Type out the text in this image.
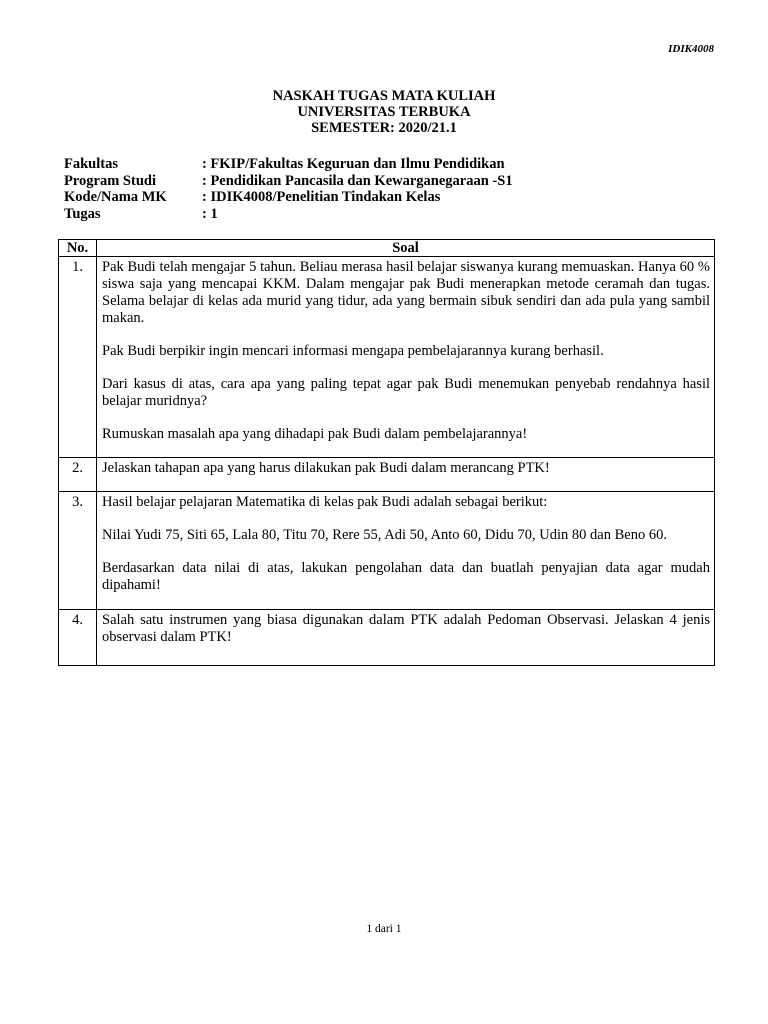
IDIK4008
NASKAH TUGAS MATA KULIAH
UNIVERSITAS TERBUKA
SEMESTER: 2020/21.1
Fakultas	: FKIP/Fakultas Keguruan dan Ilmu Pendidikan
Program Studi	: Pendidikan Pancasila dan Kewarganegaraan -S1
Kode/Nama MK	: IDIK4008/Penelitian Tindakan Kelas
Tugas	: 1
No.	Soal
1.	Pak Budi telah mengajar 5 tahun. Beliau merasa hasil belajar siswanya kurang memuaskan. Hanya 60 % siswa saja yang mencapai KKM. Dalam mengajar pak Budi menerapkan metode ceramah dan tugas. Selama belajar di kelas ada murid yang tidur, ada yang bermain sibuk sendiri dan ada pula yang sambil makan.

Pak Budi berpikir ingin mencari informasi mengapa pembelajarannya kurang berhasil.

Dari kasus di atas, cara apa yang paling tepat agar pak Budi menemukan penyebab rendahnya hasil belajar muridnya?

Rumuskan masalah apa yang dihadapi pak Budi dalam pembelajarannya!

2.	Jelaskan tahapan apa yang harus dilakukan pak Budi dalam merancang PTK!

3.	Hasil belajar pelajaran Matematika di kelas pak Budi adalah sebagai berikut:

Nilai Yudi 75, Siti 65, Lala 80, Titu 70, Rere 55, Adi 50, Anto 60, Didu 70, Udin 80 dan Beno 60.

Berdasarkan data nilai di atas, lakukan pengolahan data dan buatlah penyajian data agar mudah dipahami!

4.	Salah satu instrumen yang biasa digunakan dalam PTK adalah Pedoman Observasi. Jelaskan 4 jenis observasi dalam PTK!

1 dari 1
